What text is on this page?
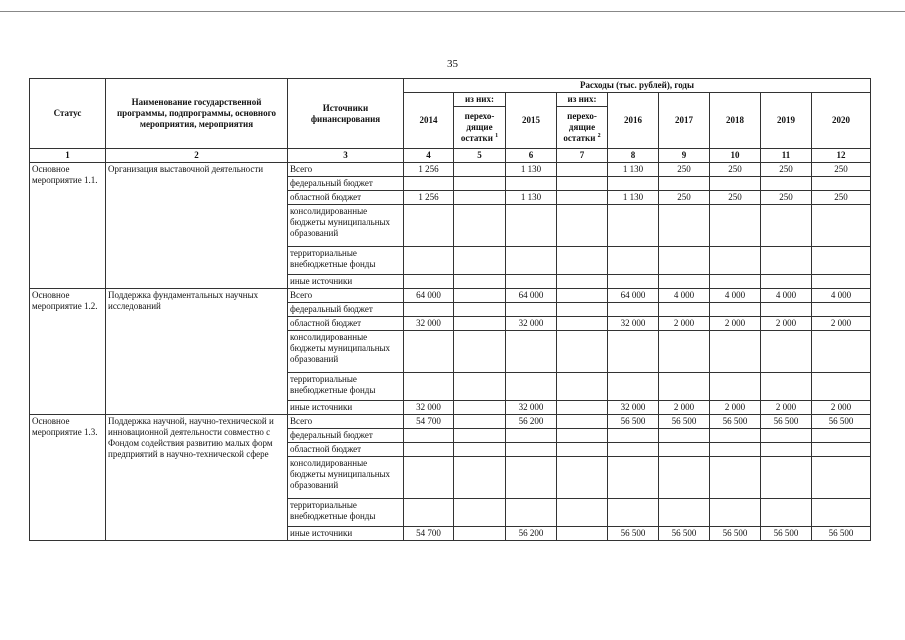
35
Статус	Наименование государственной программы, подпрограммы, основного мероприятия, мероприятия	Источники финансирования	Расходы (тыс. рублей), годы								
			2014	из них:	2015	из них:	2016	2017	2018	2019	2020
				перехо-дящие остатки $^1$		перехо-дящие остатки $^2$
1	2	3	4	5	6	7	8	9	10	11	12
Основное мероприятие 1.1.	Организация выставочной деятельности	Всего	1 256		1 130		1 130	250	250	250	250
		федеральный бюджет									
		областной бюджет	1 256		1 130		1 130	250	250	250	250
		консолидированные бюджеты муниципальных образований									
		территориальные внебюджетные фонды									
		иные источники									
Основное мероприятие 1.2.	Поддержка фундаментальных научных исследований	Всего	64 000		64 000		64 000	4 000	4 000	4 000	4 000
		федеральный бюджет									
		областной бюджет	32 000		32 000		32 000	2 000	2 000	2 000	2 000
		консолидированные бюджеты муниципальных образований									
		территориальные внебюджетные фонды									
		иные источники	32 000		32 000		32 000	2 000	2 000	2 000	2 000
Основное мероприятие 1.3.	Поддержка научной, научно-технической и инновационной деятельности совместно с Фондом содействия развитию малых форм предприятий в научно-технической сфере	Всего	54 700		56 200		56 500	56 500	56 500	56 500	56 500
		федеральный бюджет									
		областной бюджет									
		консолидированные бюджеты муниципальных образований									
		территориальные внебюджетные фонды									
		иные источники	54 700		56 200		56 500	56 500	56 500	56 500	56 500
